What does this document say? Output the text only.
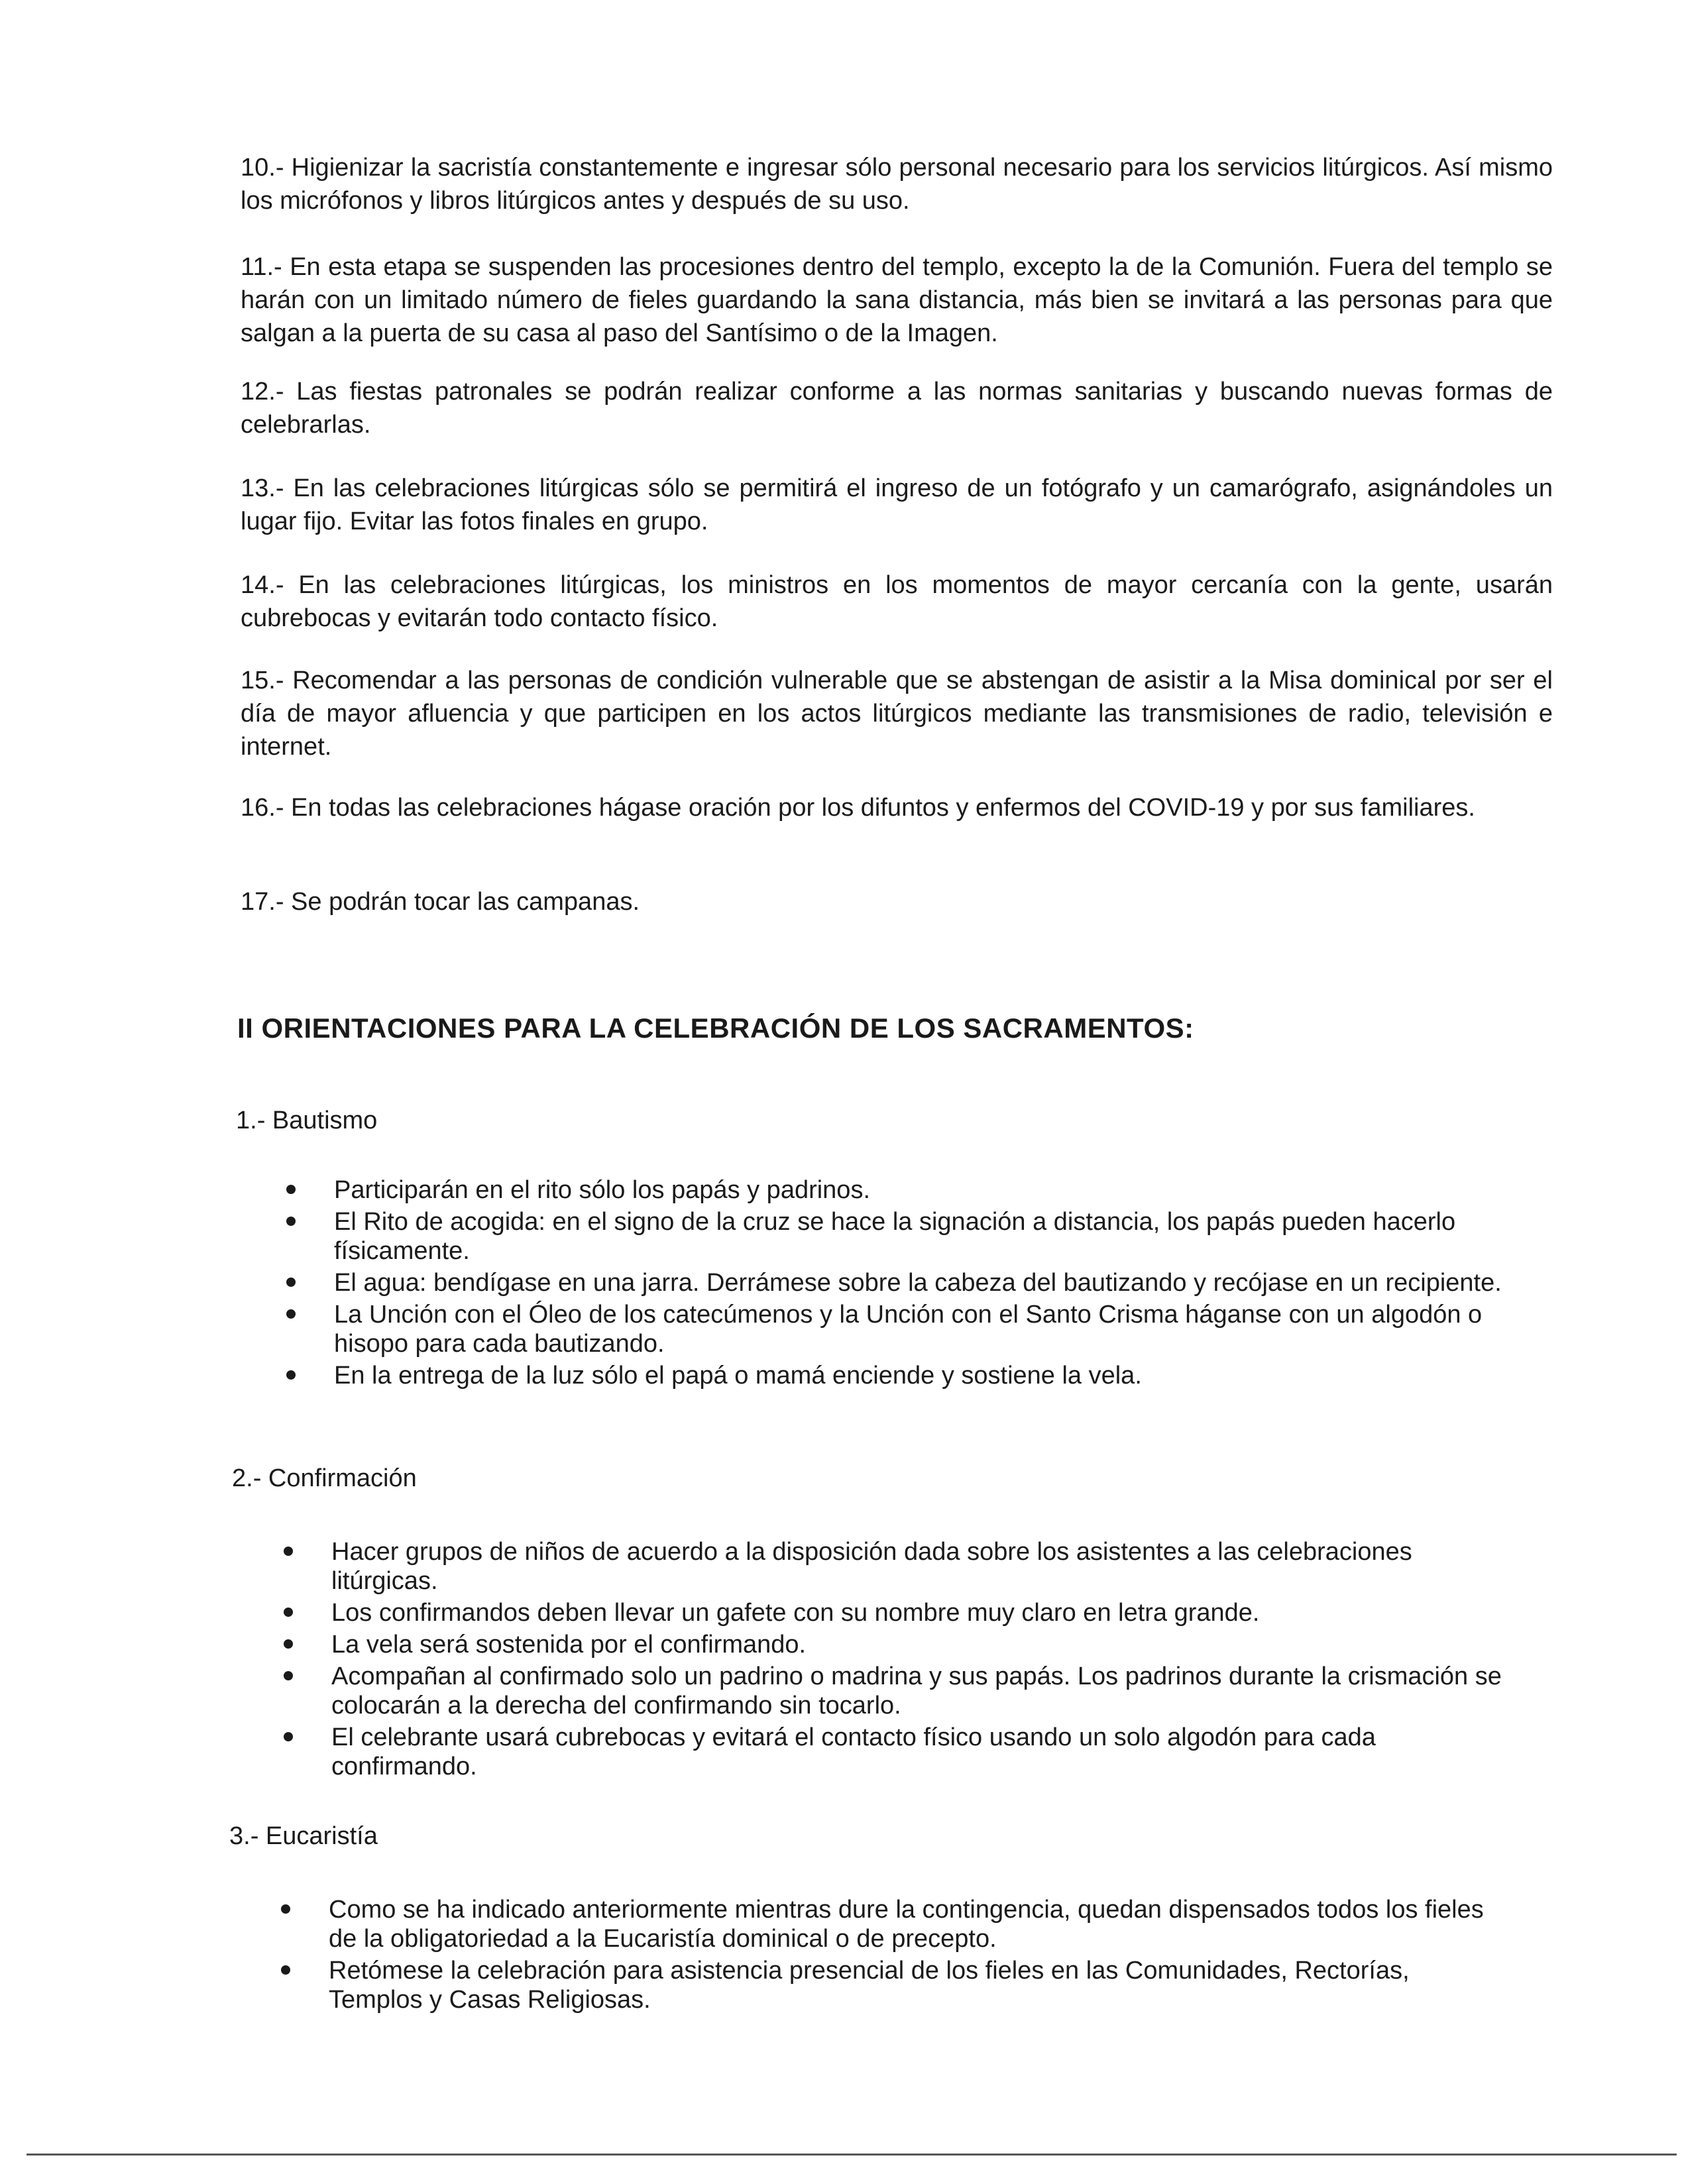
10.- Higienizar la sacristía constantemente e ingresar sólo personal necesario para los servicios litúrgicos. Así mismo los micrófonos y libros litúrgicos antes y después de su uso.

11.- En esta etapa se suspenden las procesiones dentro del templo, excepto la de la Comunión. Fuera del templo se harán con un limitado número de fieles guardando la sana distancia, más bien se invitará a las personas para que salgan a la puerta de su casa al paso del Santísimo o de la Imagen.

12.- Las fiestas patronales se podrán realizar conforme a las normas sanitarias y buscando nuevas formas de celebrarlas.

13.- En las celebraciones litúrgicas sólo se permitirá el ingreso de un fotógrafo y un camarógrafo, asignándoles un lugar fijo. Evitar las fotos finales en grupo.

14.- En las celebraciones litúrgicas, los ministros en los momentos de mayor cercanía con la gente, usarán cubrebocas y evitarán todo contacto físico.

15.- Recomendar a las personas de condición vulnerable que se abstengan de asistir a la Misa dominical por ser el día de mayor afluencia y que participen en los actos litúrgicos mediante las transmisiones de radio, televisión e internet.

16.- En todas las celebraciones hágase oración por los difuntos y enfermos del COVID-19 y por sus familiares.

17.- Se podrán tocar las campanas.

II ORIENTACIONES PARA LA CELEBRACIÓN DE LOS SACRAMENTOS:

1.- Bautismo

Participarán en el rito sólo los papás y padrinos.
El Rito de acogida: en el signo de la cruz se hace la signación a distancia, los papás pueden hacerlo físicamente.
El agua: bendígase en una jarra. Derrámese sobre la cabeza del bautizando y recójase en un recipiente.
La Unción con el Óleo de los catecúmenos y la Unción con el Santo Crisma háganse con un algodón o hisopo para cada bautizando.
En la entrega de la luz sólo el papá o mamá enciende y sostiene la vela.

2.- Confirmación

Hacer grupos de niños de acuerdo a la disposición dada sobre los asistentes a las celebraciones litúrgicas.
Los confirmandos deben llevar un gafete con su nombre muy claro en letra grande.
La vela será sostenida por el confirmando.
Acompañan al confirmado solo un padrino o madrina y sus papás. Los padrinos durante la crismación se colocarán a la derecha del confirmando sin tocarlo.
El celebrante usará cubrebocas y evitará el contacto físico usando un solo algodón para cada confirmando.

3.- Eucaristía

Como se ha indicado anteriormente mientras dure la contingencia, quedan dispensados todos los fieles de la obligatoriedad a la Eucaristía dominical o de precepto.
Retómese la celebración para asistencia presencial de los fieles en las Comunidades, Rectorías, Templos y Casas Religiosas.
